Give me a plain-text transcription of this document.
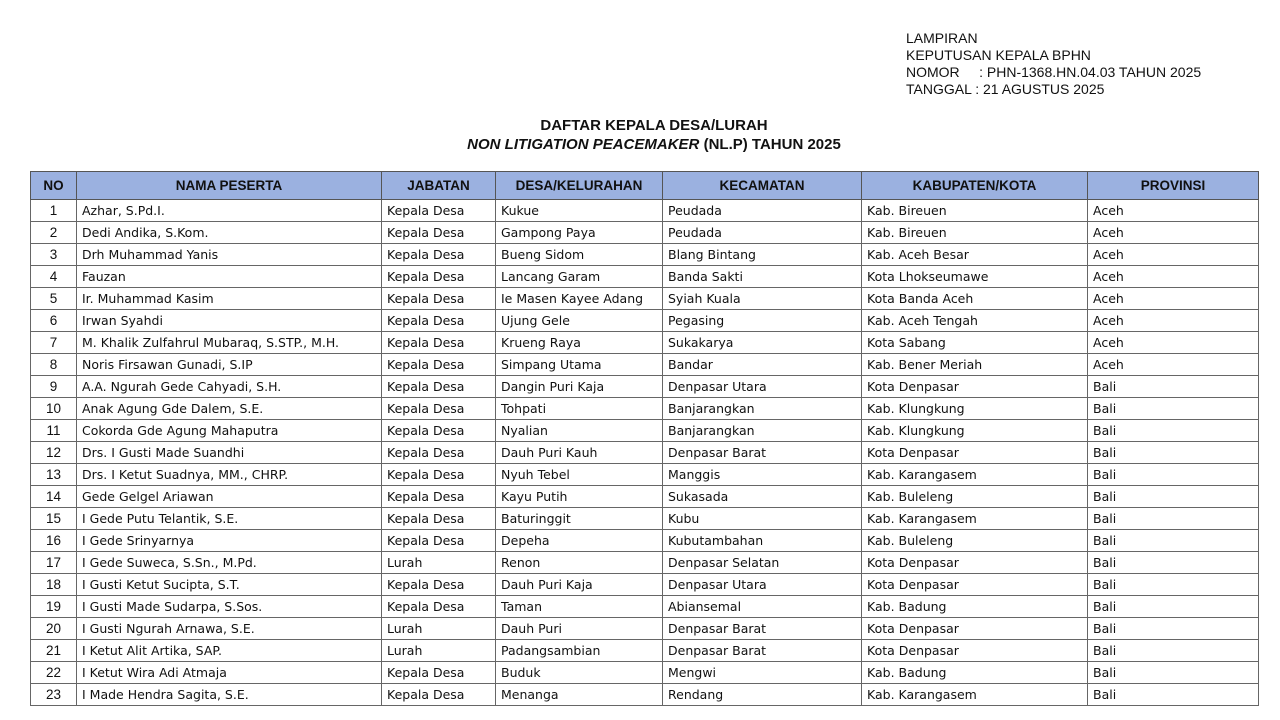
LAMPIRAN
KEPUTUSAN KEPALA BPHN
NOMOR     : PHN-1368.HN.04.03 TAHUN 2025
TANGGAL : 21 AGUSTUS 2025
DAFTAR KEPALA DESA/LURAH
NON LITIGATION PEACEMAKER (NL.P) TAHUN 2025
NO	NAMA PESERTA	JABATAN	DESA/KELURAHAN	KECAMATAN	KABUPATEN/KOTA	PROVINSI
1	Azhar, S.Pd.I.	Kepala Desa	Kukue	Peudada	Kab. Bireuen	Aceh
2	Dedi Andika, S.Kom.	Kepala Desa	Gampong Paya	Peudada	Kab. Bireuen	Aceh
3	Drh Muhammad Yanis	Kepala Desa	Bueng Sidom	Blang Bintang	Kab. Aceh Besar	Aceh
4	Fauzan	Kepala Desa	Lancang Garam	Banda Sakti	Kota Lhokseumawe	Aceh
5	Ir. Muhammad Kasim	Kepala Desa	Ie Masen Kayee Adang	Syiah Kuala	Kota Banda Aceh	Aceh
6	Irwan Syahdi	Kepala Desa	Ujung Gele	Pegasing	Kab. Aceh Tengah	Aceh
7	M. Khalik Zulfahrul Mubaraq, S.STP., M.H.	Kepala Desa	Krueng Raya	Sukakarya	Kota Sabang	Aceh
8	Noris Firsawan Gunadi, S.IP	Kepala Desa	Simpang Utama	Bandar	Kab. Bener Meriah	Aceh
9	A.A. Ngurah Gede Cahyadi, S.H.	Kepala Desa	Dangin Puri Kaja	Denpasar Utara	Kota Denpasar	Bali
10	Anak Agung Gde Dalem, S.E.	Kepala Desa	Tohpati	Banjarangkan	Kab. Klungkung	Bali
11	Cokorda Gde Agung Mahaputra	Kepala Desa	Nyalian	Banjarangkan	Kab. Klungkung	Bali
12	Drs. I Gusti Made Suandhi	Kepala Desa	Dauh Puri Kauh	Denpasar Barat	Kota Denpasar	Bali
13	Drs. I Ketut Suadnya, MM., CHRP.	Kepala Desa	Nyuh Tebel	Manggis	Kab. Karangasem	Bali
14	Gede Gelgel Ariawan	Kepala Desa	Kayu Putih	Sukasada	Kab. Buleleng	Bali
15	I Gede Putu Telantik, S.E.	Kepala Desa	Baturinggit	Kubu	Kab. Karangasem	Bali
16	I Gede Srinyarnya	Kepala Desa	Depeha	Kubutambahan	Kab. Buleleng	Bali
17	I Gede Suweca, S.Sn., M.Pd.	Lurah	Renon	Denpasar Selatan	Kota Denpasar	Bali
18	I Gusti Ketut Sucipta, S.T.	Kepala Desa	Dauh Puri Kaja	Denpasar Utara	Kota Denpasar	Bali
19	I Gusti Made Sudarpa, S.Sos.	Kepala Desa	Taman	Abiansemal	Kab. Badung	Bali
20	I Gusti Ngurah Arnawa, S.E.	Lurah	Dauh Puri	Denpasar Barat	Kota Denpasar	Bali
21	I Ketut Alit Artika, SAP.	Lurah	Padangsambian	Denpasar Barat	Kota Denpasar	Bali
22	I Ketut Wira Adi Atmaja	Kepala Desa	Buduk	Mengwi	Kab. Badung	Bali
23	I Made Hendra Sagita, S.E.	Kepala Desa	Menanga	Rendang	Kab. Karangasem	Bali
